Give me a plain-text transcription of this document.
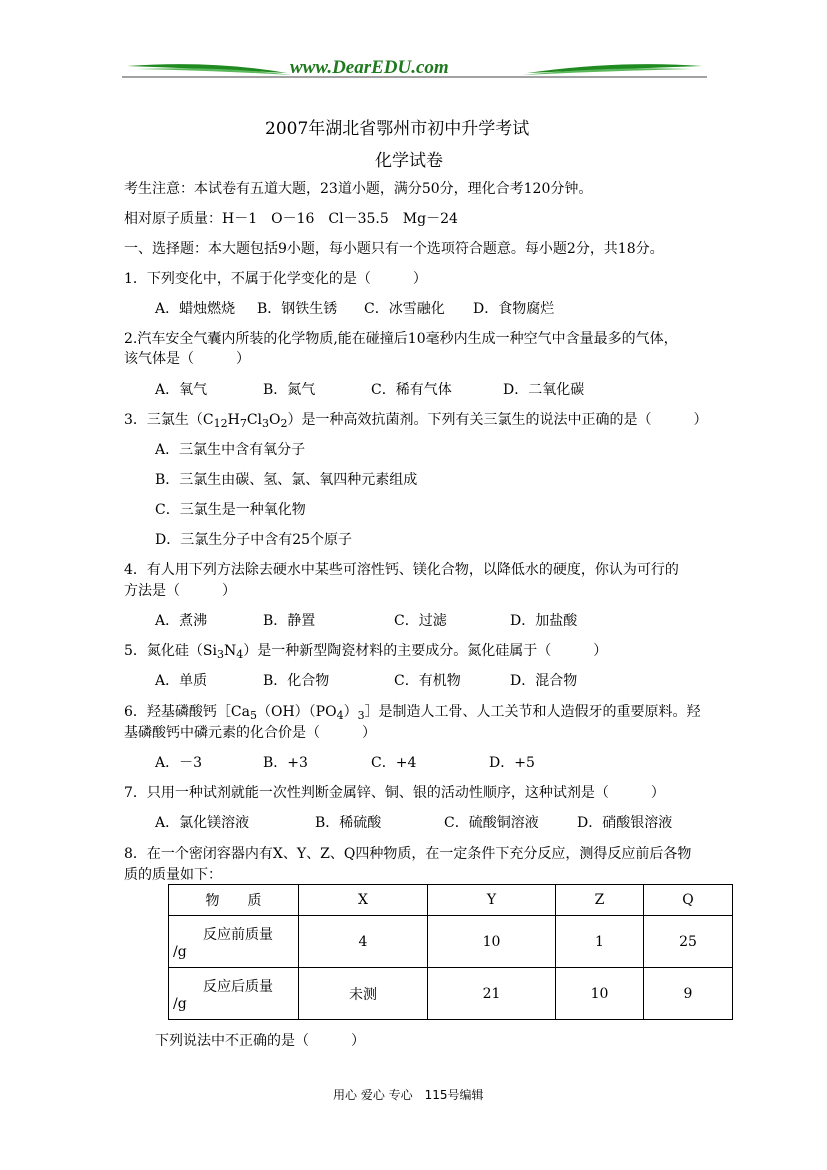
www.DearEDU.com
2007年湖北省鄂州市初中升学考试
化学试卷
考生注意：本试卷有五道大题，23道小题，满分50分，理化合考120分钟。
相对原子质量：H－1　O－16　Cl－35.5　Mg－24
一、选择题：本大题包括9小题，每小题只有一个选项符合题意。每小题2分，共18分。
1．下列变化中，不属于化学变化的是（　　　）
A．蜡烛燃烧 B．钢铁生锈 C．冰雪融化 D．食物腐烂
2.汽车安全气囊内所装的化学物质,能在碰撞后10毫秒内生成一种空气中含量最多的气体，
该气体是（　　　）
A．氧气	B．氮气	C．稀有气体	D．二氧化碳
3．三氯生$(C_{12}H_7Cl_3O_2)$是一种高效抗菌剂。下列有关三氯生的说法中正确的是（　　　）
A．三氯生中含有氧分子
B．三氯生由碳、氢、氯、氧四种元素组成
C．三氯生是一种氧化物
D．三氯生分子中含有25个原子
4．有人用下列方法除去硬水中某些可溶性钙、镁化合物，以降低水的硬度，你认为可行的
方法是（　　　）
A．煮沸	B．静置	C．过滤	D．加盐酸
5．氮化硅$(Si_3N_4)$是一种新型陶瓷材料的主要成分。氮化硅属于（　　　）
A．单质	B．化合物	C．有机物	D．混合物
6．羟基磷酸钙$[Ca_5(OH)(PO_4)_3]$是制造人工骨、人工关节和人造假牙的重要原料。羟
基磷酸钙中磷元素的化合价是（　　　）
A．－3	B．+3	C．+4	D．+5
7．只用一种试剂就能一次性判断金属锌、铜、银的活动性顺序，这种试剂是（　　　）
A．氯化镁溶液	B．稀硫酸	C．硫酸铜溶液	D．硝酸银溶液
8．在一个密闭容器内有X、Y、Z、Q四种物质，在一定条件下充分反应，测得反应前后各物
质的质量如下：
物　　质	X	Y	Z	Q

反应前质量
/g	4	10	1	25

反应后质量
/g	未测	21	10	9
下列说法中不正确的是（　　　）
用心 爱心 专心　115号编辑
